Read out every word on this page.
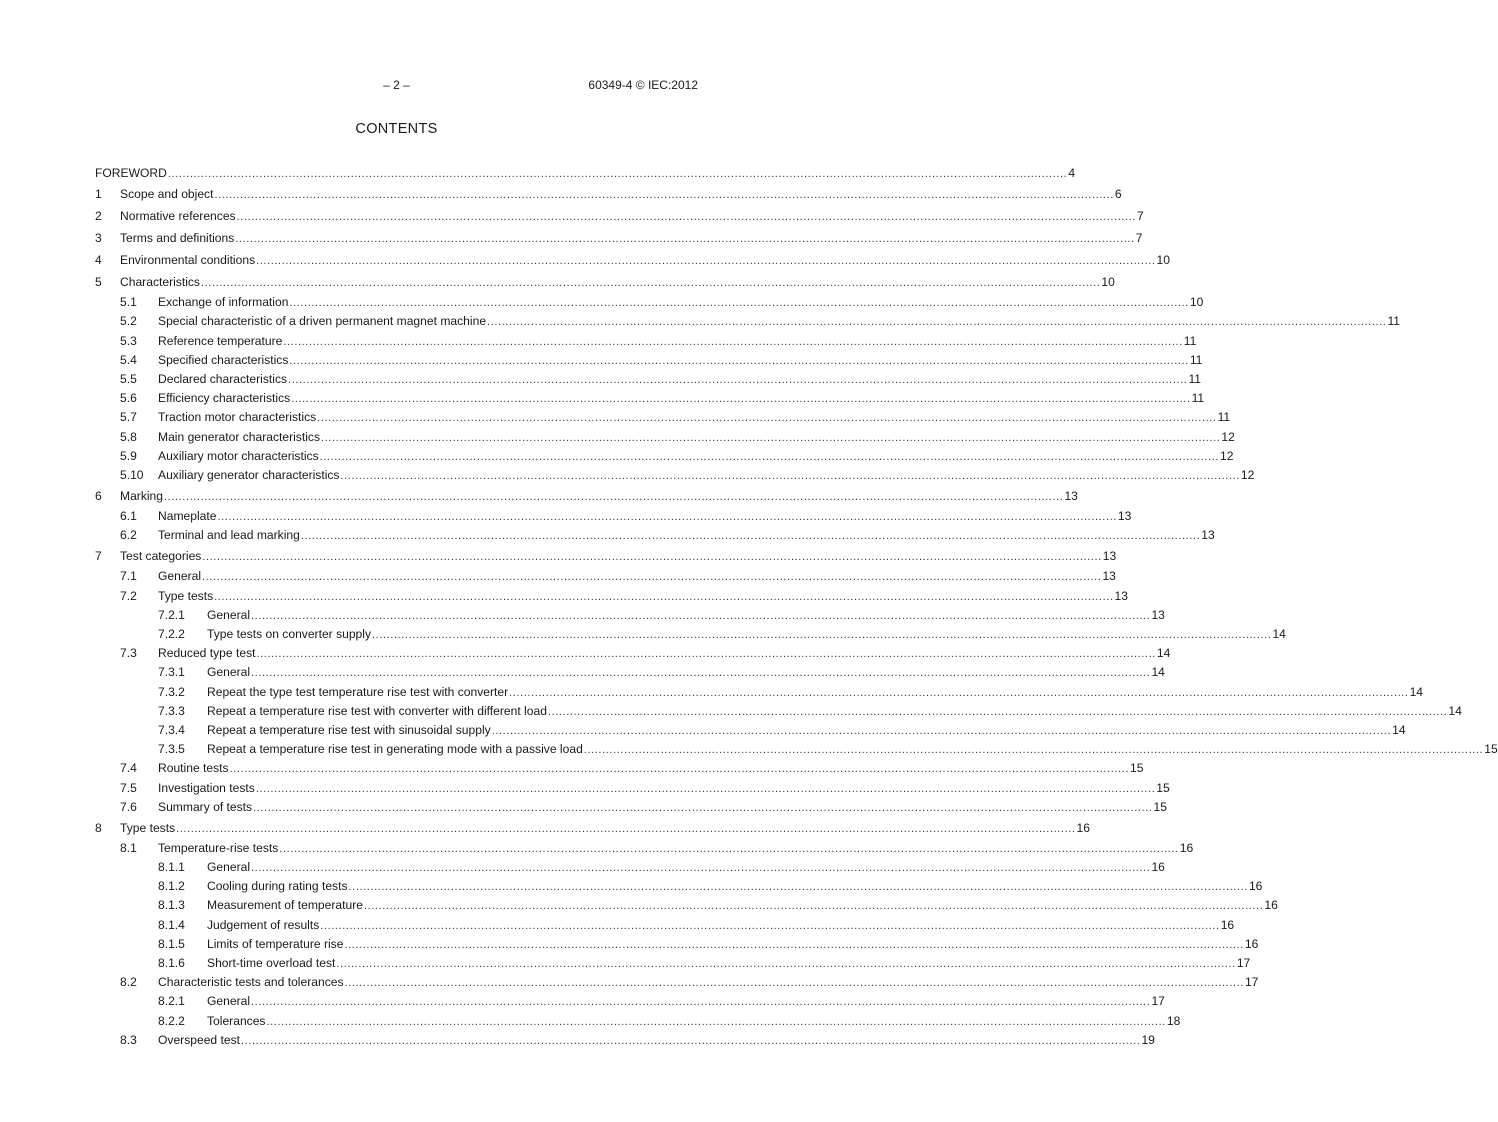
– 2 –	60349-4 © IEC:2012
CONTENTS
FOREWORD .....	4
1	Scope and object .....	6
2	Normative references .....	7
3	Terms and definitions .....	7
4	Environmental conditions .....	10
5	Characteristics .....	10
5.1	Exchange of information .....	10
5.2	Special characteristic of a driven permanent magnet machine .....	11
5.3	Reference temperature .....	11
5.4	Specified characteristics .....	11
5.5	Declared characteristics .....	11
5.6	Efficiency characteristics .....	11
5.7	Traction motor characteristics .....	11
5.8	Main generator characteristics .....	12
5.9	Auxiliary motor characteristics .....	12
5.10	Auxiliary generator characteristics .....	12
6	Marking .....	13
6.1	Nameplate .....	13
6.2	Terminal and lead marking .....	13
7	Test categories .....	13
7.1	General .....	13
7.2	Type tests .....	13
7.2.1	General .....	13
7.2.2	Type tests on converter supply .....	14
7.3	Reduced type test .....	14
7.3.1	General .....	14
7.3.2	Repeat the type test temperature rise test with converter .....	14
7.3.3	Repeat a temperature rise test with converter with different load .....	14
7.3.4	Repeat a temperature rise test with sinusoidal supply .....	14
7.3.5	Repeat a temperature rise test in generating mode with a passive load .....	15
7.4	Routine tests .....	15
7.5	Investigation tests .....	15
7.6	Summary of tests .....	15
8	Type tests .....	16
8.1	Temperature-rise tests .....	16
8.1.1	General .....	16
8.1.2	Cooling during rating tests .....	16
8.1.3	Measurement of temperature .....	16
8.1.4	Judgement of results .....	16
8.1.5	Limits of temperature rise .....	16
8.1.6	Short-time overload test .....	17
8.2	Characteristic tests and tolerances .....	17
8.2.1	General .....	17
8.2.2	Tolerances .....	18
8.3	Overspeed test .....	19
